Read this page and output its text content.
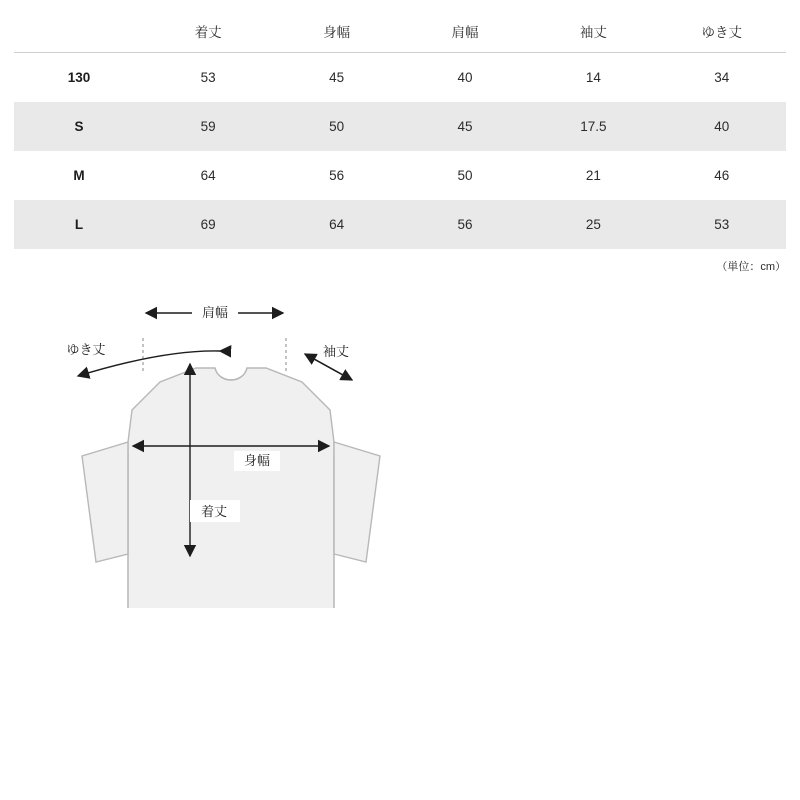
	着丈	身幅	肩幅	袖丈	ゆき丈
130	53	45	40	14	34
S	59	50	45	17.5	40
M	64	56	50	21	46
L	69	64	56	25	53
（単位：cm）
肩幅
ゆき丈	袖丈
身幅
着丈
